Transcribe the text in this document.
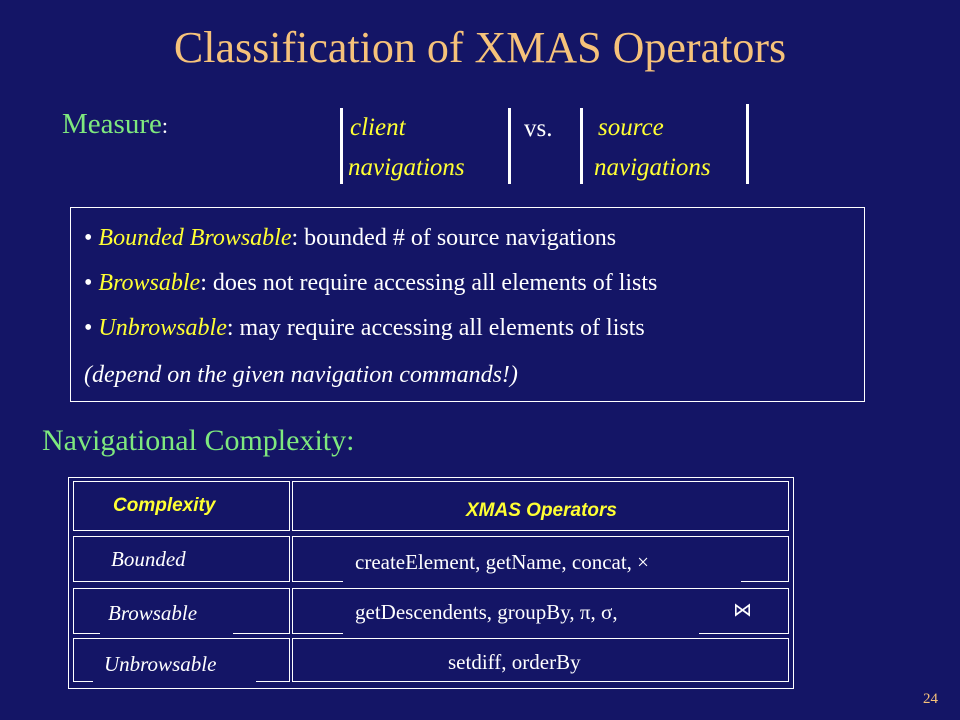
Classification of XMAS Operators
Measure:	client
navigations
vs. source
navigations
• Bounded Browsable: bounded # of source navigations
• Browsable: does not require accessing all elements of lists
• Unbrowsable: may require accessing all elements of lists
(depend on the given navigation commands!)
Navigational Complexity:
Complexity	XMAS Operators
Bounded	createElement, getName, concat, ×
Browsable	getDescendents, groupBy, π, σ,	⋈
Unbrowsable	setdiff, orderBy
24
